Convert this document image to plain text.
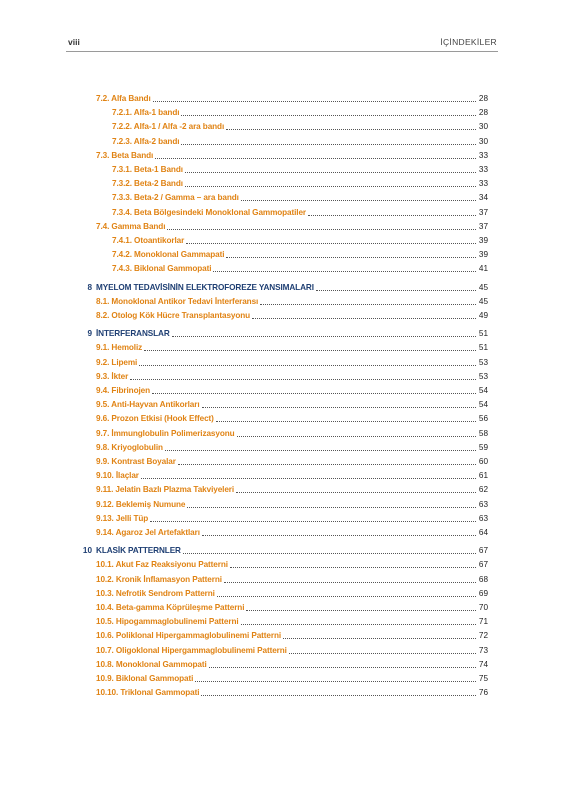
viii	İÇİNDEKİLER
7.2. Alfa Bandı	28
7.2.1. Alfa-1 bandı	28
7.2.2. Alfa-1 / Alfa -2 ara bandı	30
7.2.3. Alfa-2 bandı	30
7.3. Beta Bandı	33
7.3.1. Beta-1 Bandı	33
7.3.2. Beta-2 Bandı	33
7.3.3. Beta-2 / Gamma – ara bandı	34
7.3.4. Beta Bölgesindeki Monoklonal Gammopatiler	37
7.4. Gamma Bandı	37
7.4.1. Otoantikorlar	39
7.4.2. Monoklonal Gammapati	39
7.4.3. Biklonal Gammopati	41
8 MYELOM TEDAVİSİNİN ELEKTROFOREZE YANSIMALARI	45
8.1. Monoklonal Antikor Tedavi İnterferansı	45
8.2. Otolog Kök Hücre Transplantasyonu	49
9 İNTERFERANSLAR	51
9.1. Hemoliz	51
9.2. Lipemi	53
9.3. İkter	53
9.4. Fibrinojen	54
9.5. Anti-Hayvan Antikorları	54
9.6. Prozon Etkisi (Hook Effect)	56
9.7. İmmunglobulin Polimerizasyonu	58
9.8. Kriyoglobulin	59
9.9. Kontrast Boyalar	60
9.10. İlaçlar	61
9.11. Jelatin Bazlı Plazma Takviyeleri	62
9.12. Beklemiş Numune	63
9.13. Jelli Tüp	63
9.14. Agaroz Jel Artefaktları	64
10 KLASİK PATTERNLER	67
10.1. Akut Faz Reaksiyonu Patterni	67
10.2. Kronik İnflamasyon Patterni	68
10.3. Nefrotik Sendrom Patterni	69
10.4. Beta-gamma Köprüleşme Patterni	70
10.5. Hipogammaglobulinemi Patterni	71
10.6. Poliklonal Hipergammaglobulinemi Patterni	72
10.7. Oligoklonal Hipergammaglobulinemi Patterni	73
10.8. Monoklonal Gammopati	74
10.9. Biklonal Gammopati	75
10.10. Triklonal Gammopati	76
